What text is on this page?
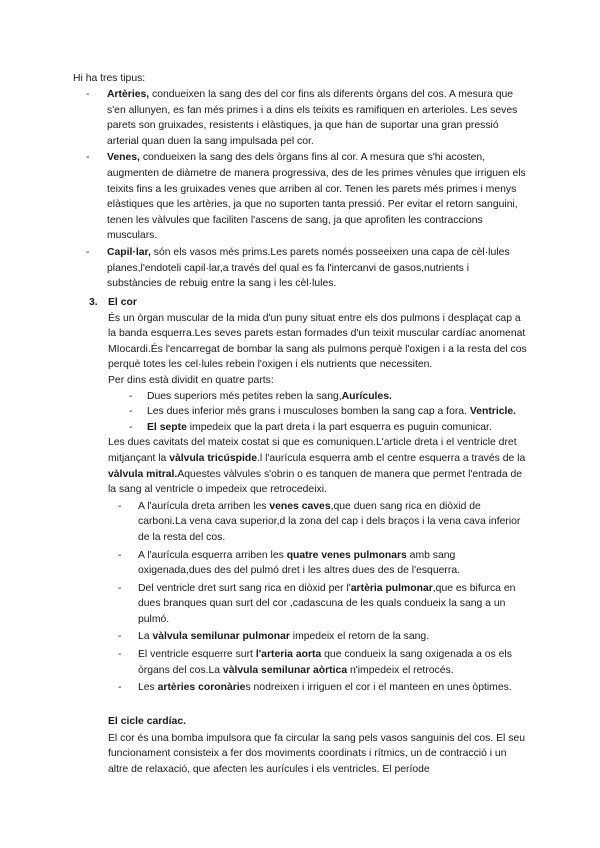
Hi ha tres tipus:
- Artèries, condueixen la sang des del cor fins als diferents òrgans del cos. A mesura que s'en allunyen, es fan més primes i a dins els teixits es ramifiquen en arterioles. Les seves parets son gruixades, resistents i elàstiques, ja que han de suportar una gran pressió arterial quan duen la sang impulsada pel cor.
- Venes, condueixen la sang des dels òrgans fins al cor. A mesura que s'hi acosten, augmenten de diàmetre de manera progressiva, des de les primes vènules que irriguen els teixits fins a les gruixades venes que arriben al cor. Tenen les parets més primes i menys elàstiques que les artèries, ja que no suporten tanta pressió. Per evitar el retorn sanguini, tenen les vàlvules que faciliten l'ascens de sang, ja que aprofiten les contraccions musculars.
- Capil·lar, són els vasos més prims.Les parets només posseeixen una capa de cèl·lules planes,l'endoteli capil·lar,a través del qual es fa l'intercanvi de gasos,nutrients i substàncies de rebuig entre la sang i les cèl·lules.
3. El cor
És un òrgan muscular de la mida d'un puny situat entre els dos pulmons i desplaçat cap a la banda esquerra.Les seves parets estan formades d'un teixit muscular cardíac anomenat MIocardi.És l'encarregat de bombar la sang als pulmons perquè l'oxigen i a la resta del cos perquè totes les cel·lules rebein l'oxigen i els nutrients que necessiten.
Per dins està dividit en quatre parts:
- Dues superiors més petites reben la sang,Aurícules.
- Les dues inferior més grans i musculoses bomben la sang cap a fora. Ventricle.
- El septe impedeix que la part dreta i la part esquerra es puguin comunicar.
Les dues cavitats del mateix costat si que es comuniquen.L'article dreta i el ventricle dret mitjançant la vàlvula tricúspide.l l'aurícula esquerra amb el centre esquerra a través de la vàlvula mitral.Aquestes vàlvules s'obrin o es tanquen de manera que permet l'entrada de la sang al ventricle o impedeix que retrocedeixi.
- A l'aurícula dreta arriben les venes caves,que duen sang rica en diòxid de carboni.La vena cava superior,d la zona del cap i dels braços i la vena cava inferior de la resta del cos.
- A l'aurícula esquerra arriben les quatre venes pulmonars amb sang oxigenada,dues des del pulmó dret i les altres dues des de l'esquerra.
- Del ventricle dret surt sang rica en diòxid per l'artèria pulmonar,que es bifurca en dues branques quan surt del cor ,cadascuna de les quals condueix la sang a un pulmó.
- La vàlvula semilunar pulmonar impedeix el retorn de la sang.
- El ventricle esquerre surt l'arteria aorta que condueix la sang oxigenada a os els òrgans del cos.La vàlvula semilunar aòrtica n'impedeix el retrocés.
- Les artèries coronàries nodreixen i irriguen el cor i el manteen en unes òptimes.
El cicle cardíac.
El cor és una bomba impulsora que fa circular la sang pels vasos sanguinis del cos. El seu funcionament consisteix a fer dos moviments coordinats i rítmics, un de contracció i un altre de relaxació, que afecten les aurícules i els ventricles. El període
